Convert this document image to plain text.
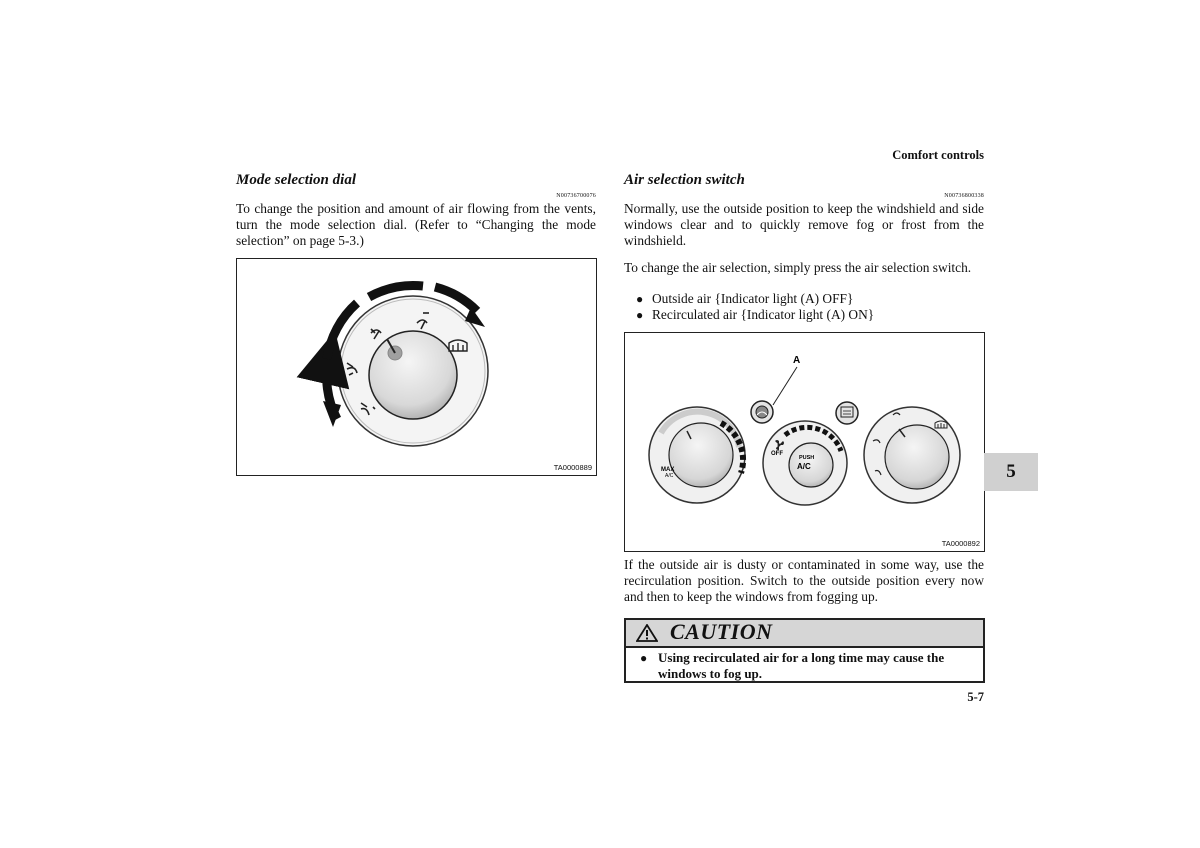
Comfort controls
Mode selection dial
N00736700076
To change the position and amount of air flowing from the vents, turn the mode selection dial. (Refer to “Changing the mode selection” on page 5-3.)
TA0000889
Air selection switch
N00736800338
Normally, use the outside position to keep the windshield and side windows clear and to quickly remove fog or frost from the windshield.
To change the air selection, simply press the air selection switch.
● Outside air {Indicator light (A) OFF}
● Recirculated air {Indicator light (A) ON}
A
MAX
A/C
OFF
PUSH
A/C
TA0000892
If the outside air is dusty or contaminated in some way, use the recirculation position. Switch to the outside position every now and then to keep the windows from fogging up.
CAUTION
● Using recirculated air for a long time may cause the windows to fog up.
5
5-7
